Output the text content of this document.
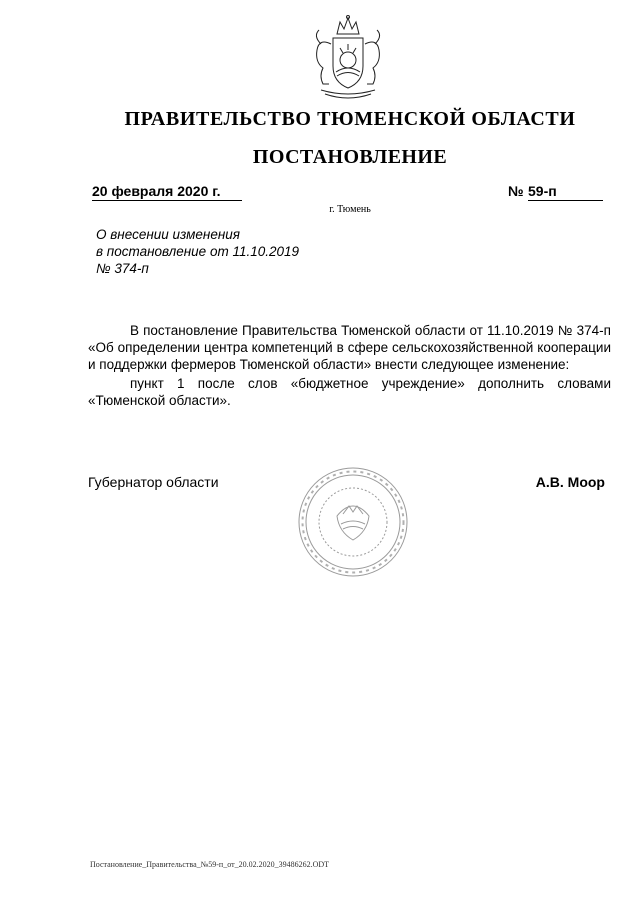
ПРАВИТЕЛЬСТВО ТЮМЕНСКОЙ ОБЛАСТИ
ПОСТАНОВЛЕНИЕ
20 февраля 2020 г.	№ 59-п
г. Тюмень
О внесении изменения
в постановление от 11.10.2019
№ 374-п

В постановление Правительства Тюменской области от 11.10.2019 № 374-п «Об определении центра компетенций в сфере сельскохозяйственной кооперации и поддержки фермеров Тюменской области» внести следующее изменение:

пункт 1 после слов «бюджетное учреждение» дополнить словами «Тюменской области».

Губернатор области	А.В. Моор
Постановление_Правительства_№59-п_от_20.02.2020_39486262.ODT
